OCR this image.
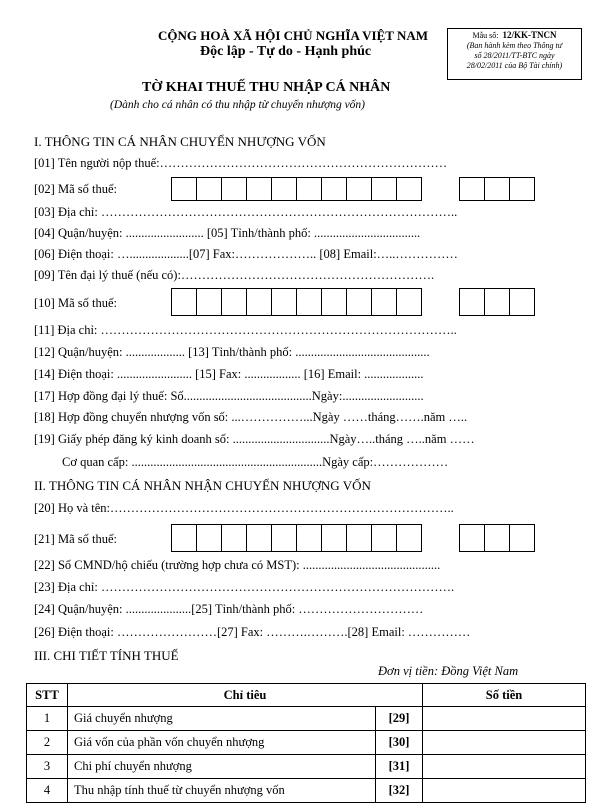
CỘNG HOÀ XÃ HỘI CHỦ NGHĨA VIỆT NAM
Độc lập - Tự do - Hạnh phúc
Mẫu số: 12/KK-TNCN
(Ban hành kèm theo Thông tư
số 28/2011/TT-BTC ngày
28/02/2011 của Bộ Tài chính)
TỜ KHAI THUẾ THU NHẬP CÁ NHÂN
(Dành cho cá nhân có thu nhập từ chuyển nhượng vốn)
I. THÔNG TIN CÁ NHÂN CHUYỂN NHƯỢNG VỐN
[01] Tên người nộp thuế:……………………………………………………………
[02] Mã số thuế:
[03] Địa chỉ: …………………………………………………………………………..
[04] Quận/huyện: ......................... [05] Tỉnh/thành phố: ..................................
[06] Điện thoại: …...................[07] Fax:……………….. [08] Email:…..……………
[09] Tên đại lý thuế (nếu có):…………………………………………………….
[10] Mã số thuế:
[11] Địa chỉ: …………………………………………………………………………..
[12] Quận/huyện: ................... [13] Tỉnh/thành phố: ...........................................
[14] Điện thoại: ........................ [15] Fax: .................. [16] Email: ...................
[17] Hợp đồng đại lý thuế: Số.........................................Ngày:..........................
[18] Hợp đồng chuyển nhượng vốn số: ...……………...Ngày ……tháng…….năm …..
[19] Giấy phép đăng ký kinh doanh số: ...............................Ngày…..tháng …..năm ……
Cơ quan cấp: .............................................................Ngày cấp:………………
II. THÔNG TIN CÁ NHÂN NHẬN CHUYỂN NHƯỢNG VỐN
[20] Họ và tên:………………………………………………………………………..
[21] Mã số thuế:
[22] Số CMND/hộ chiếu (trường hợp chưa có MST): ............................................
[23] Địa chỉ: ………………………………………………………………………….
[24] Quận/huyện: .....................[25] Tỉnh/thành phố: …………………………
[26] Điện thoại: ……………………[27] Fax: ……….……….[28] Email: ……………
III. CHI TIẾT TÍNH THUẾ
Đơn vị tiền: Đồng Việt Nam
STT	Chỉ tiêu		Số tiền
1	Giá chuyển nhượng	[29]	
2	Giá vốn của phần vốn chuyển nhượng	[30]	
3	Chi phí chuyển nhượng	[31]	
4	Thu nhập tính thuế từ chuyển nhượng vốn	[32]	
